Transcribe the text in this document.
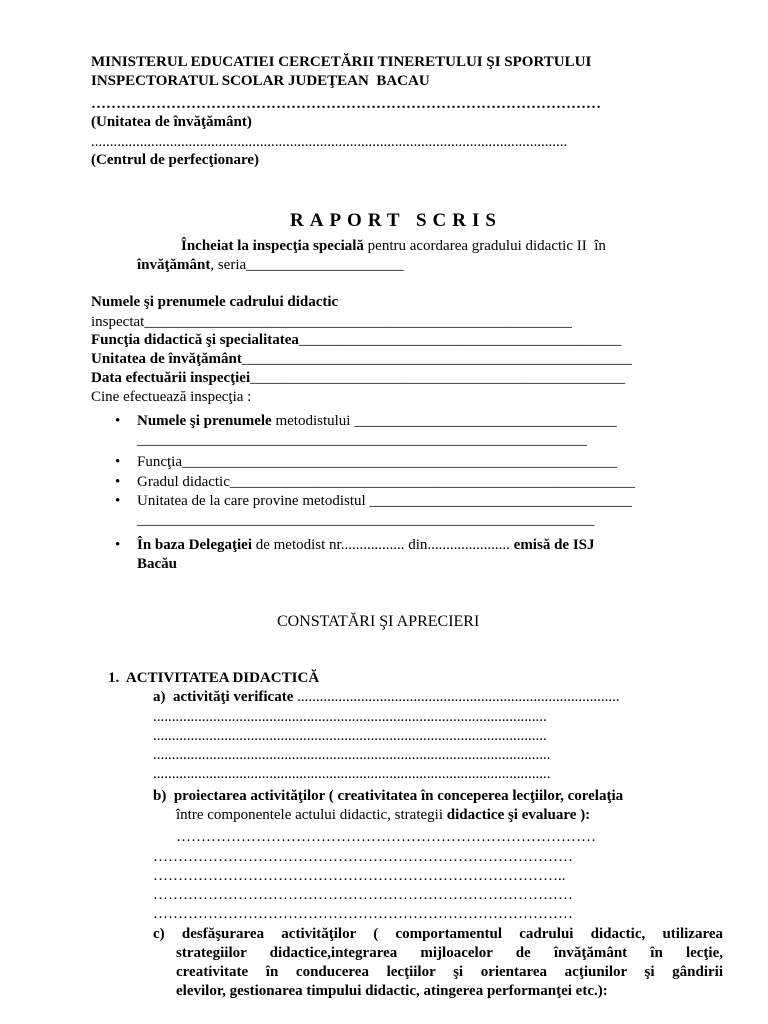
MINISTERUL EDUCATIEI CERCETĂRII TINERETULUI ŞI SPORTULUI
INSPECTORATUL SCOLAR JUDEŢEAN  BACAU
…………………………………………………………………………………………
(Unitatea de învăţământ)
...............................................................................................................................
(Centrul de perfecţionare)
RAPORT SCRIS
Încheiat la inspecţia specială pentru acordarea gradului didactic II  în
învăţământ, seria_____________________
Numele şi prenumele cadrului didactic
inspectat_________________________________________________________
Funcţia didactică şi specialitatea___________________________________________
Unitatea de învăţământ____________________________________________________
Data efectuării inspecţiei__________________________________________________
Cine efectuează inspecţia :
• Numele şi prenumele metodistului ___________________________________
____________________________________________________________
• Funcţia__________________________________________________________
• Gradul didactic______________________________________________________
• Unitatea de la care provine metodistul ___________________________________
_____________________________________________________________
• În baza Delegaţiei de metodist nr................. din...................... emisă de ISJ
Bacău
CONSTATĂRI ŞI APRECIERI
1.  ACTIVITATEA DIDACTICĂ
a)  activităţi verificate ......................................................................................
.........................................................................................................
.........................................................................................................
..........................................................................................................
..........................................................................................................
b)  proiectarea activităţilor ( creativitatea în conceperea lecţiilor, corelaţia
între componentele actului didactic, strategii didactice şi evaluare ):
…………………………………………………………………………
…………………………………………………………………………
………………………………………………………………………..
…………………………………………………………………………
…………………………………………………………………………
c) desfăşurarea activităţilor ( comportamentul cadrului didactic, utilizarea
strategiilor didactice,integrarea mijloacelor de învăţământ în lecţie,
creativitate în conducerea lecţiilor şi orientarea acţiunilor şi gândirii
elevilor, gestionarea timpului didactic, atingerea performanţei etc.):
